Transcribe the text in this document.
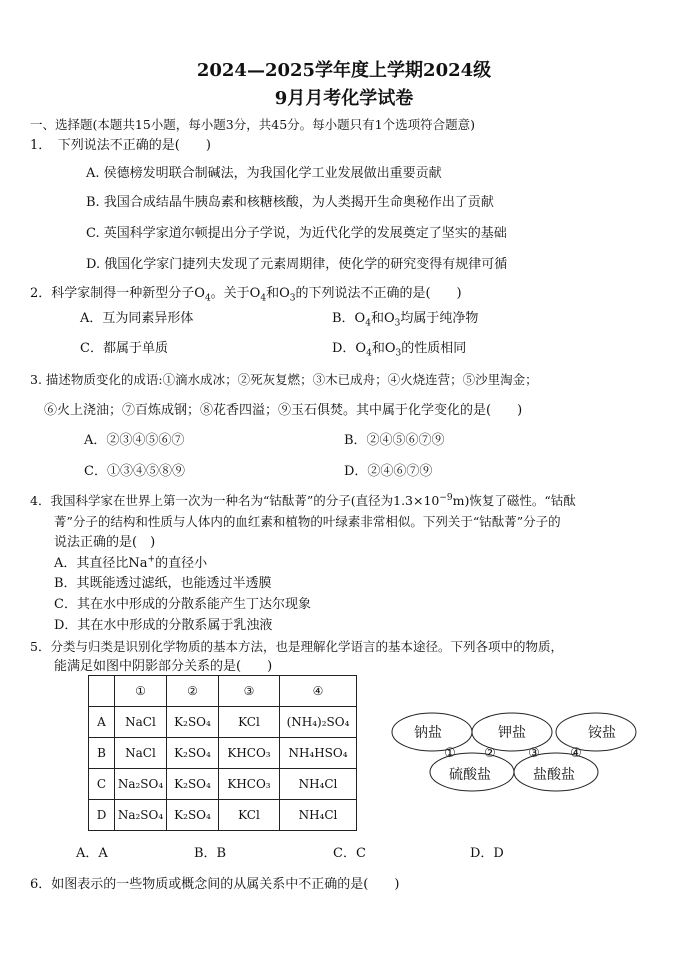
2024—2025学年度上学期2024级
9月月考化学试卷
一、选择题(本题共15小题，每小题3分，共45分。每小题只有1个选项符合题意)
1．　下列说法不正确的是(　　)
A. 侯德榜发明联合制碱法，为我国化学工业发展做出重要贡献
B. 我国合成结晶牛胰岛素和核糖核酸，为人类揭开生命奥秘作出了贡献
C. 英国科学家道尔顿提出分子学说，为近代化学的发展奠定了坚实的基础
D. 俄国化学家门捷列夫发现了元素周期律，使化学的研究变得有规律可循
2．科学家制得一种新型分子$O_4$。关于$O_4$和$O_3$的下列说法不正确的是(　　)
A．互为同素异形体	B．$O_4$和$O_3$均属于纯净物
C．都属于单质	D．$O_4$和$O_3$的性质相同
3. 描述物质变化的成语:①滴水成冰；②死灰复燃；③木已成舟；④火烧连营；⑤沙里淘金；
⑥火上浇油；⑦百炼成钢；⑧花香四溢；⑨玉石俱焚。其中属于化学变化的是(　　)
A．②③④⑤⑥⑦	B．②④⑤⑥⑦⑨
C．①③④⑤⑧⑨	D．②④⑥⑦⑨
4．我国科学家在世界上第一次为一种名为“钴酞菁”的分子(直径为$1.3\times 10^{-9}m$)恢复了磁性。“钴酞
菁”分子的结构和性质与人体内的血红素和植物的叶绿素非常相似。下列关于“钴酞菁”分子的
说法正确的是(　)
A．其直径比Na+的直径小
B．其既能透过滤纸，也能透过半透膜
C．其在水中形成的分散系能产生丁达尔现象
D．其在水中形成的分散系属于乳浊液
5．分类与归类是识别化学物质的基本方法，也是理解化学语言的基本途径。下列各项中的物质，
能满足如图中阴影部分关系的是(　　)
	①	②	③	④
A	NaCl	K₂SO₄	KCl	(NH₄)₂SO₄
B	NaCl	K₂SO₄	KHCO₃	NH₄HSO₄
C	Na₂SO₄	K₂SO₄	KHCO₃	NH₄Cl
D	Na₂SO₄	K₂SO₄	KCl	NH₄Cl
钠盐	钾盐	铵盐
硫酸盐	盐酸盐
① ② ③ ④
A．A	B．B	C．C	D．D
6．如图表示的一些物质或概念间的从属关系中不正确的是(　　)
